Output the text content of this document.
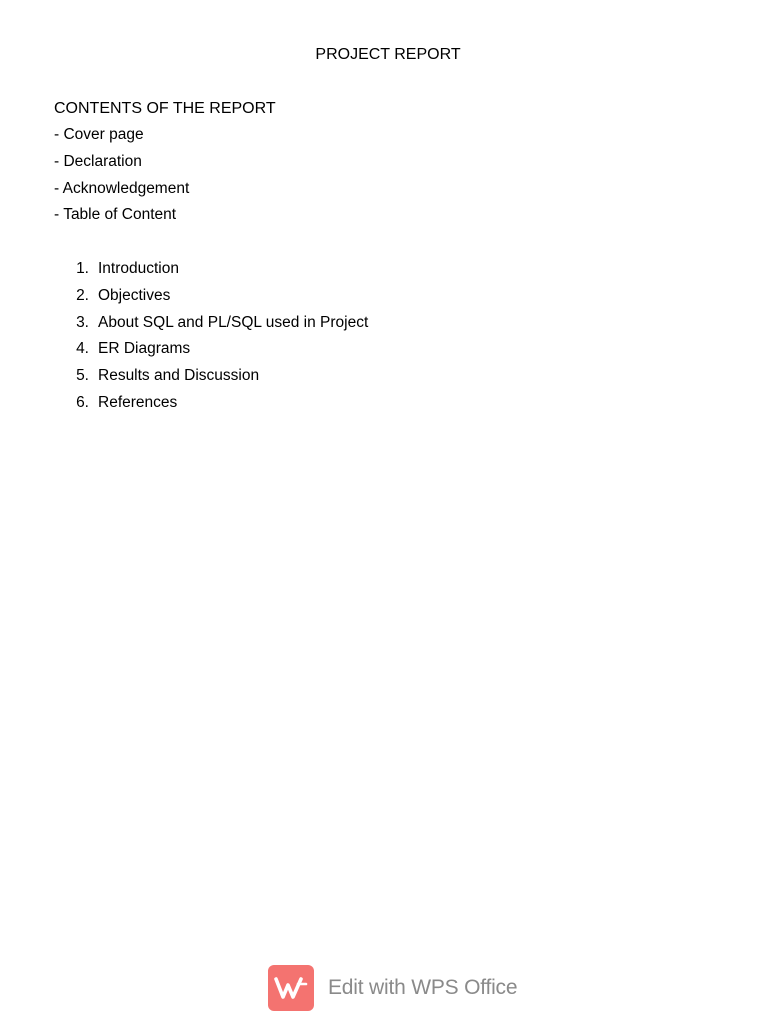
PROJECT REPORT
CONTENTS OF THE REPORT
- Cover page
- Declaration
- Acknowledgement
- Table of Content
1. Introduction
2. Objectives
3. About SQL and PL/SQL used in Project
4. ER Diagrams
5. Results and Discussion
6. References
Edit with WPS Office
